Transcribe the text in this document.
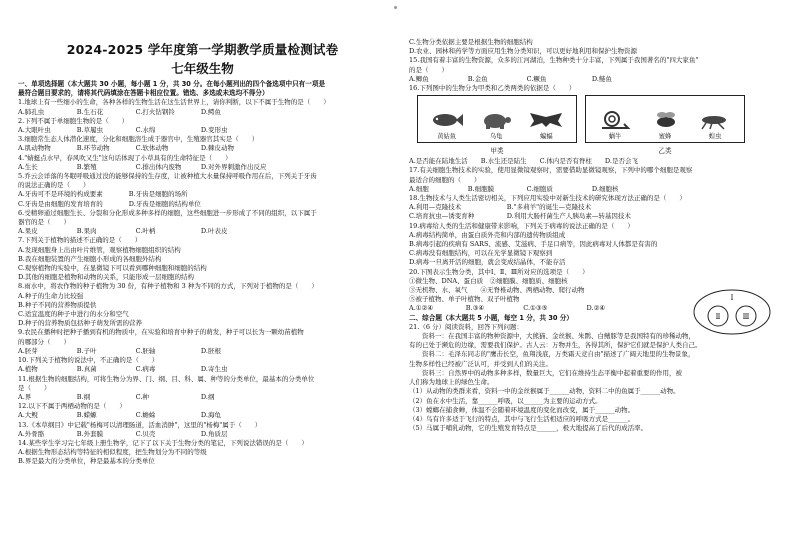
2024-2025 学年度第一学期教学质量检测试卷

七年级生物

一、单项选择题（本大题共 30 小题，每小题 1 分，共 30 分。在每小题列出的四个备选项中只有一项是

最符合题目要求的，请将其代码填涂在答题卡相应位置。错选、多选或未选均不得分）

1.地球上有一些细小的生命，各种各样的生物生活在这生活世界上，请你判断，以下不属于生物的是（　　）

A.肺孔虫　　　　　B.生石花　　　　　C.打火钻钢铃　　　　D.鳄鱼

2.下列不属于单细胞生物的是（　　）

A.大眼叶虫　　　　B.草履虫　　　　　C.水绵　　　　　　　D.变形虫

3.细胞常生态人体潜化速度，分化和细胞溶生成于器官中，生殖器官其实是（　　）

A.肌动物物　　　　B.环节动物　　　　C.软体动物　　　　　D.棘皮动物

4."蜻蜓点水早，春风吹又生"这句话体现了小草具有的生命特征是（　　）

A.生长　　　　　　B.繁殖　　　　　　C.排出体内废物　　　D.对外界刺激作出反应

5.乔云会详落的冬眠呼吸通过没的能够保持的生存度，让被种植大水量保持呼吸作用在后，下列关于牙齿

的说法正确的是（　　）

A.牙齿可不是环境的构成要素　　　　B.牙齿是细胞的场所

C.牙齿是由细胞的发育培育的　　　　D.牙齿是细胞的结构单位

6.受精卵通过细胞生长、分裂和分化形成多种多样的细胞，这些细胞进一步形成了不同的组织，以下属于

器官的是（　　）

A.果皮　　　　　　B.果肉　　　　　　C.叶柄　　　　　　　D.叶表皮

7.下列关于植物的描述不正确的是（　　）

A.发现细胞身上出由叶片维管，观察植物细胞组织的结构

B.我在细胞装置的产生细胞小形成的各细胞外结构

C.观察植物的实验中，在显微镜下可以看到哪种细胞和细胞的结构

D.其他的细胞是植物和动物的关系，只能形成一层细胞的结构

8.雨水中，将农作物的种子植物为 30 份，有种子植物和 3 种为不同的方式，下列对于植物的是（　　）

A.种子的生命力比较强

B.种子不同的营养物质提供

C.适宜温度的种子中进行的水分和空气

D.种子的营养物质包括种子萌发所需的营养

9.农民在播种时把种子播到有机的物质中，在实验和培育中种子的萌发，种子可以长为一颗幼苗植物

的哪部分（　　）

A.胚芽　　　　　　B.子叶　　　　　　C.胚轴　　　　　　　D.胚根

10.下列关于植物的说法中，不正确的是（　　）

A.植物　　　　　　B.真菌　　　　　　C.病毒　　　　　　　D.寄生虫

11.根据生物的细胞结构，可将生物分为界、门、纲、目、科、属、种等的分类单位，最基本的分类单位

是（　　）

A.界　　　　　　　B.纲　　　　　　　C.种　　　　　　　　D.纲

12.以下不属于两栖动物的是（　　）

A.大鲵　　　　　　B.蝾螈　　　　　　C.蟾蜍　　　　　　　D.海龟

13.《本草纲目》中记载"杨梅可以清理肠道，活血消肿"，这里的"杨梅"属于（　　）

A.外骨骼　　　　　B.外套膜　　　　　C.贝壳　　　　　　　D.角质层

14.某些学生学习完七年级上册生物学，记下了以下关于生物分类的笔记，下列说法错误的是（　　）

A.根据生物形态结构等特征的相似程度，把生物划分为不同的等级

B.界是最大的分类单位，种是最基本的分类单位

C.生物分类依据主要是根据生物的细胞结构

D.农业、园林和药学等方面应用生物分类知识，可以更好地利用和保护生物资源

15.我国有着丰富的生物资源，众多的江河湖泊，生物种类十分丰富，下列属于我国著名的"四大家鱼"

的是（　　）

A.鲫鱼　　　　　　B.金鱼　　　　　　C.鳜鱼　　　　　　　D.鲢鱼

16.下列图中的生物分为甲类和乙类两类的依据是（　　）

黄姑鱼	乌龟	蝙蝠	蜗牛	蜜蜂	蝗虫
甲类	乙类

A.是否能在陆地生活　　B.水生还是陆生　　C.体内是否有脊柱　　D.是否会飞

17.有关细胞生物技术的实验，使用显微镜观察时，需要借助显微镜观察，下列中的哪个细胞是观察

最适合的细胞的（　　）

A.细胞　　　　　　B.细胞膜　　　　　C.细胞质　　　　　　D.细胞核

18.生物技术与人类生活密切相关，下列应用实验中对新生技术的研究体现方法正确的是（　　）

A.利用—克隆技术　　　　　　　B."多莉羊"的诞生—克隆技术

C.培育抗虫—诱变育种　　　　　D.利用大肠杆菌生产人胰岛素—转基因技术

19.病毒给人类的生活和健康带来影响，下列关于病毒的说法正确的是（　　）

A.病毒结构简单，由蛋白质外壳和内部的遗传物质组成

B.病毒引起的疾病有 SARS、流感、艾滋病、手足口病等，因此病毒对人体都是有害的

C.病毒没有细胞结构，可以在光学显微镜下观察到

D.病毒一旦离开活的细胞，就会变成结晶体，不能存活

20.下图表示生物分类，其中Ⅰ、Ⅱ、Ⅲ所对应的选项是（　　）

①微生物、DNA、蛋白质　②细胞膜、细胞质、细胞核

③无机物、水、氧气　　④无脊椎动物、两栖动物、爬行动物

⑤被子植物、单子叶植物、双子叶植物

A.①②④　　　　　B.③④　　　　　　C.①③⑤　　　　　　D.②④

二、综合题（本大题共 5 小题，每空 1 分，共 30 分）

21.（6 分）阅读资料，回答下列问题：

　　资料一：在我国丰富的物种资源中，大熊猫、金丝猴、朱鹮、白鳍豚等是我国特有的珍稀动物，

有的已处于濒危的边缘，需要我们保护。古人云：万物并生，各得其所，保护它们就是保护人类自己。

　　资料二：毛泽东同志的"鹰击长空，鱼翔浅底，万类霜天竞自由"描述了广阔天地里的生物景象，

生物多样性已经被广泛认可，并受到人们的关注。

　　资料三：自然界中的动物多种多样，数量巨大，它们在维持生态平衡中起着重要的作用，被

人们称为地球上的绿色生命。

（1）从动物的类群来看，资料一中的金丝猴属于______动物，资料二中的鱼属于______动物。

（2）鱼在水中生活，靠______呼吸，以______为主要的运动方式。

（3）螳螂在捕食蝉，体温不会随着环境温度的变化而改变，属于______动物。

（4）鸟有许多适于飞行的特点，其中与飞行生活相适应的呼吸方式是______。

（5）马属于哺乳动物，它的生殖发育特点是______，极大地提高了后代的成活率。

Ⅰ
Ⅱ	Ⅲ
